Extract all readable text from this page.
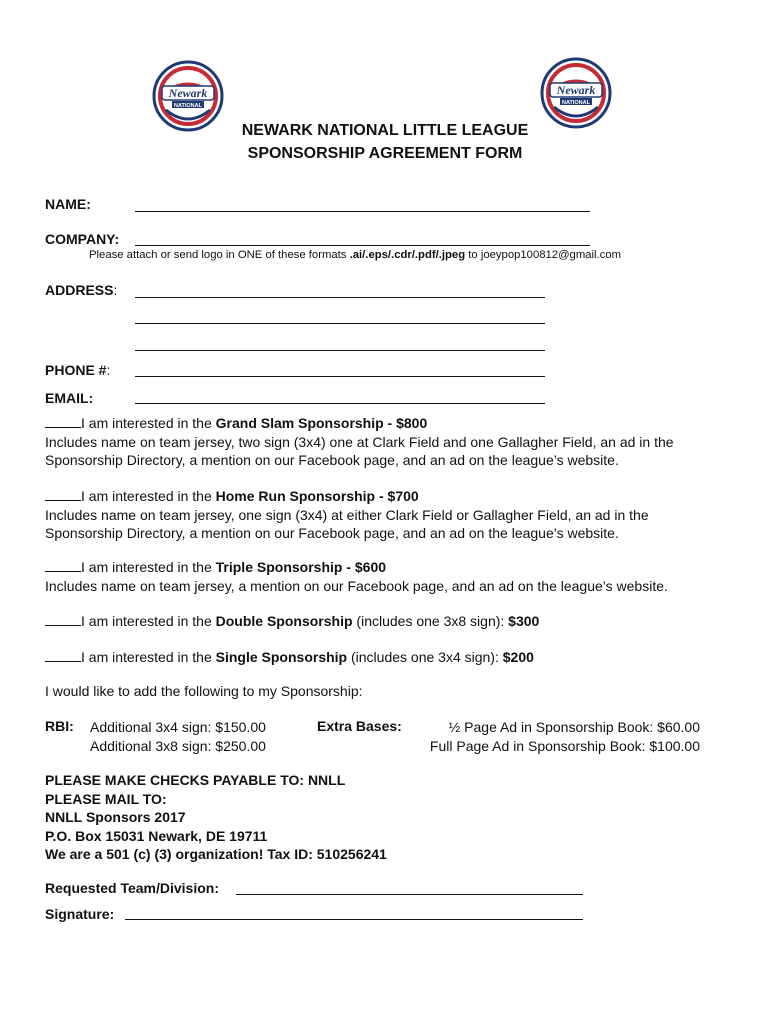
Newark
NATIONAL
Newark
NATIONAL
NEWARK NATIONAL LITTLE LEAGUE
SPONSORSHIP AGREEMENT FORM
NAME:
COMPANY:
Please attach or send logo in ONE of these formats .ai/.eps/.cdr/.pdf/.jpeg to joeypop100812@gmail.com
ADDRESS:
PHONE #:
EMAIL:
I am interested in the Grand Slam Sponsorship - $800
Includes name on team jersey, two sign (3x4) one at Clark Field and one Gallagher Field, an ad in the
Sponsorship Directory, a mention on our Facebook page, and an ad on the league’s website.
I am interested in the Home Run Sponsorship - $700
Includes name on team jersey, one sign (3x4) at either Clark Field or Gallagher Field, an ad in the
Sponsorship Directory, a mention on our Facebook page, and an ad on the league’s website.
I am interested in the Triple Sponsorship - $600
Includes name on team jersey, a mention on our Facebook page, and an ad on the league’s website.
I am interested in the Double Sponsorship (includes one 3x8 sign): $300
I am interested in the Single Sponsorship (includes one 3x4 sign): $200
I would like to add the following to my Sponsorship:
RBI: Additional 3x4 sign: $150.00
Additional 3x8 sign: $250.00
Extra Bases:	½ Page Ad in Sponsorship Book: $60.00
Full Page Ad in Sponsorship Book: $100.00
PLEASE MAKE CHECKS PAYABLE TO: NNLL
PLEASE MAIL TO:
NNLL Sponsors 2017
P.O. Box 15031 Newark, DE 19711
We are a 501 (c) (3) organization! Tax ID: 510256241
Requested Team/Division:
Signature:
